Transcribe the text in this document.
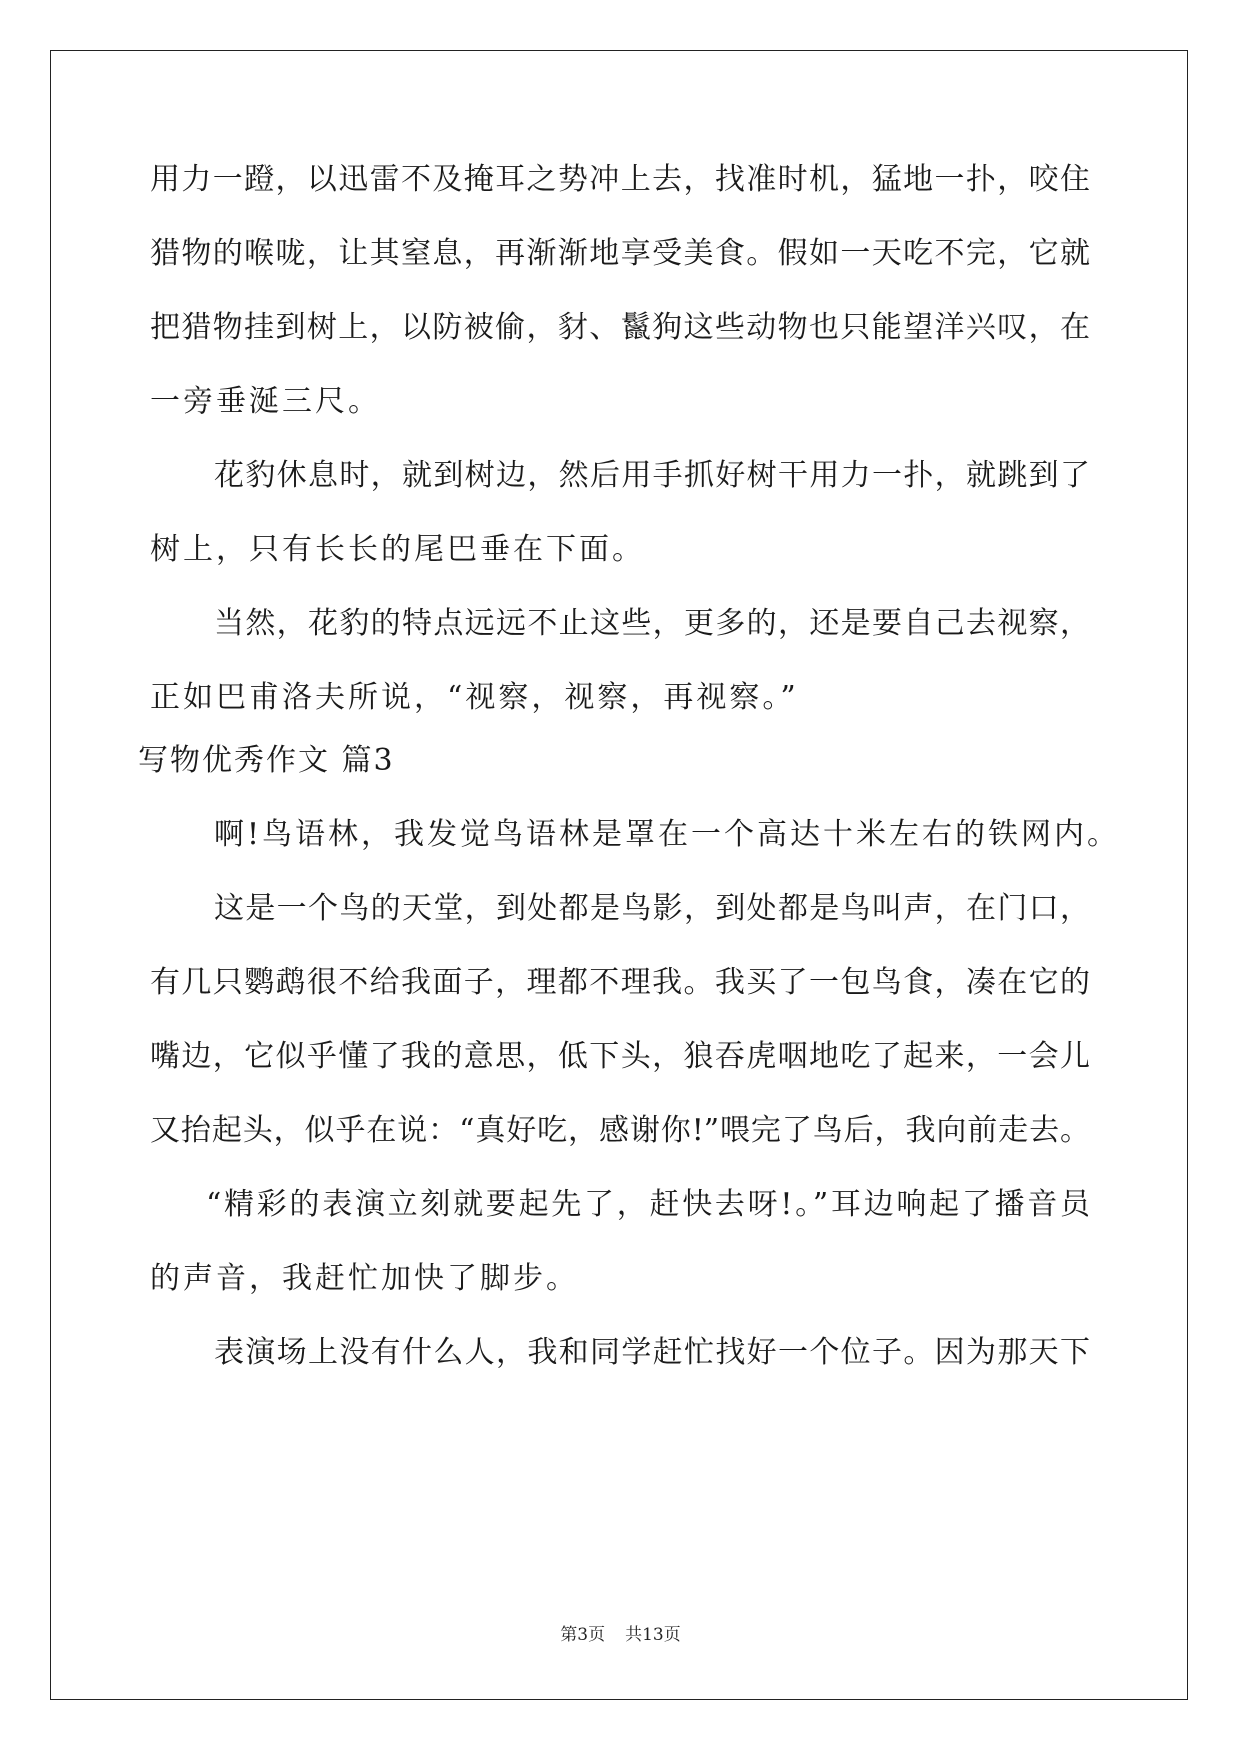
用力一蹬，以迅雷不及掩耳之势冲上去，找准时机，猛地一扑，咬住
猎物的喉咙，让其窒息，再渐渐地享受美食。假如一天吃不完，它就
把猎物挂到树上，以防被偷，豺、鬣狗这些动物也只能望洋兴叹，在
一旁垂涎三尺。
花豹休息时，就到树边，然后用手抓好树干用力一扑，就跳到了
树上，只有长长的尾巴垂在下面。
当然，花豹的特点远远不止这些，更多的，还是要自己去视察，
正如巴甫洛夫所说，“视察，视察，再视察。”
写物优秀作文 篇3
啊!鸟语林，我发觉鸟语林是罩在一个高达十米左右的铁网内。
这是一个鸟的天堂，到处都是鸟影，到处都是鸟叫声，在门口，
有几只鹦鹉很不给我面子，理都不理我。我买了一包鸟食，凑在它的
嘴边，它似乎懂了我的意思，低下头，狼吞虎咽地吃了起来，一会儿
又抬起头，似乎在说：“真好吃，感谢你!”喂完了鸟后，我向前走去。
“精彩的表演立刻就要起先了，赶快去呀!。”耳边响起了播音员
的声音，我赶忙加快了脚步。
表演场上没有什么人，我和同学赶忙找好一个位子。因为那天下
第3页 共13页
